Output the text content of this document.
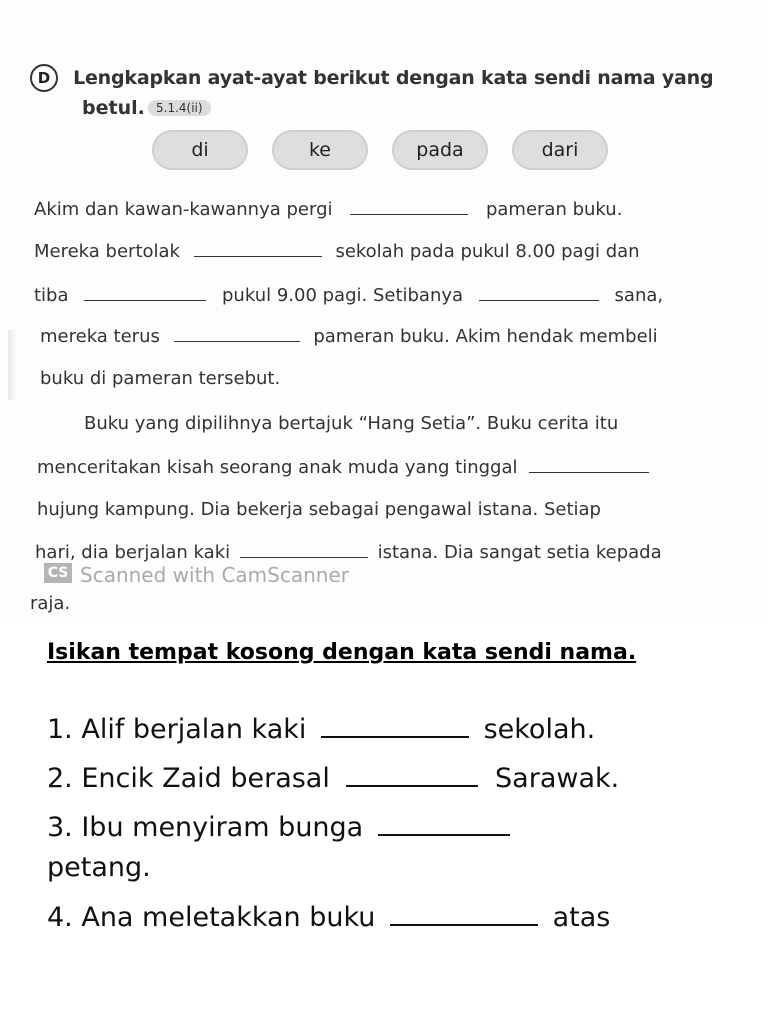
D Lengkapkan ayat-ayat berikut dengan kata sendi nama yang
betul. 5.1.4(ii)
di	ke	pada	dari
Akim dan kawan-kawannya pergi	pameran buku.
Mereka bertolak	sekolah pada pukul 8.00 pagi dan
tiba	pukul 9.00 pagi. Setibanya	sana,
mereka terus	pameran buku. Akim hendak membeli
buku di pameran tersebut.
Buku yang dipilihnya bertajuk “Hang Setia”. Buku cerita itu
menceritakan kisah seorang anak muda yang tinggal
hujung kampung. Dia bekerja sebagai pengawal istana. Setiap
hari, dia berjalan kaki	istana. Dia sangat setia kepada
raja.
CS Scanned with CamScanner
Isikan tempat kosong dengan kata sendi nama.
1. Alif berjalan kaki	sekolah.
2. Encik Zaid berasal	Sarawak.
3. Ibu menyiram bunga
petang.
4. Ana meletakkan buku	atas
